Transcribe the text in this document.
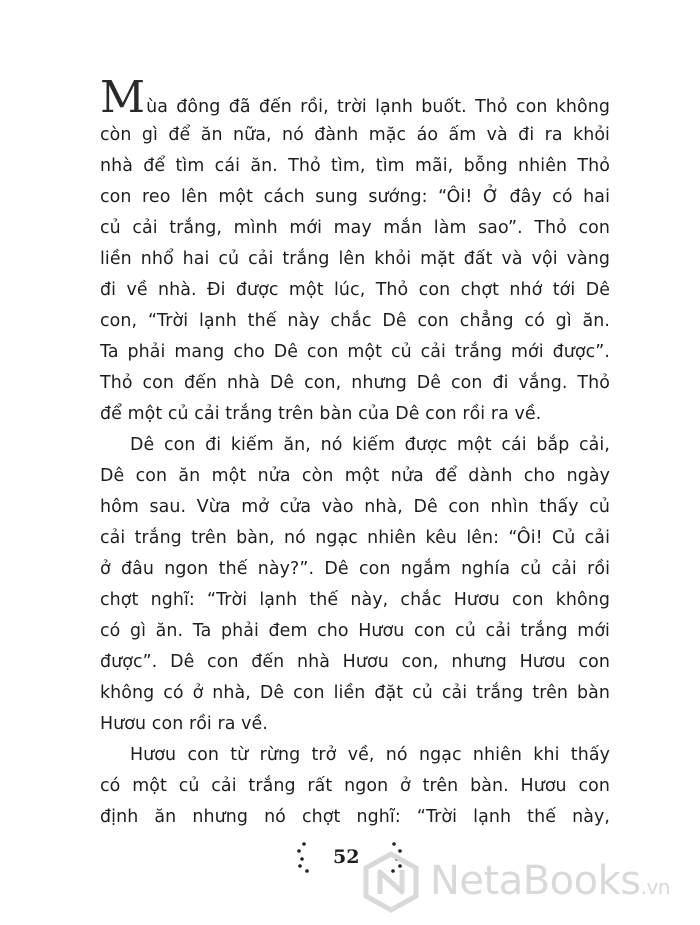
Mùa đông đã đến rồi, trời lạnh buốt. Thỏ con không
còn gì để ăn nữa, nó đành mặc áo ấm và đi ra khỏi
nhà để tìm cái ăn. Thỏ tìm, tìm mãi, bỗng nhiên Thỏ
con reo lên một cách sung sướng: “Ôi! Ở đây có hai
củ cải trắng, mình mới may mắn làm sao”. Thỏ con
liền nhổ hai củ cải trắng lên khỏi mặt đất và vội vàng
đi về nhà. Đi được một lúc, Thỏ con chợt nhớ tới Dê
con, “Trời lạnh thế này chắc Dê con chẳng có gì ăn.
Ta phải mang cho Dê con một củ cải trắng mới được”.
Thỏ con đến nhà Dê con, nhưng Dê con đi vắng. Thỏ
để một củ cải trắng trên bàn của Dê con rồi ra về.
Dê con đi kiếm ăn, nó kiếm được một cái bắp cải,
Dê con ăn một nửa còn một nửa để dành cho ngày
hôm sau. Vừa mở cửa vào nhà, Dê con nhìn thấy củ
cải trắng trên bàn, nó ngạc nhiên kêu lên: “Ôi! Củ cải
ở đâu ngon thế này?”. Dê con ngắm nghía củ cải rồi
chợt nghĩ: “Trời lạnh thế này, chắc Hươu con không
có gì ăn. Ta phải đem cho Hươu con củ cải trắng mới
được”. Dê con đến nhà Hươu con, nhưng Hươu con
không có ở nhà, Dê con liền đặt củ cải trắng trên bàn
Hươu con rồi ra về.
Hươu con từ rừng trở về, nó ngạc nhiên khi thấy
có một củ cải trắng rất ngon ở trên bàn. Hươu con
định ăn nhưng nó chợt nghĩ: “Trời lạnh thế này,
52
NetaBooks.vn
